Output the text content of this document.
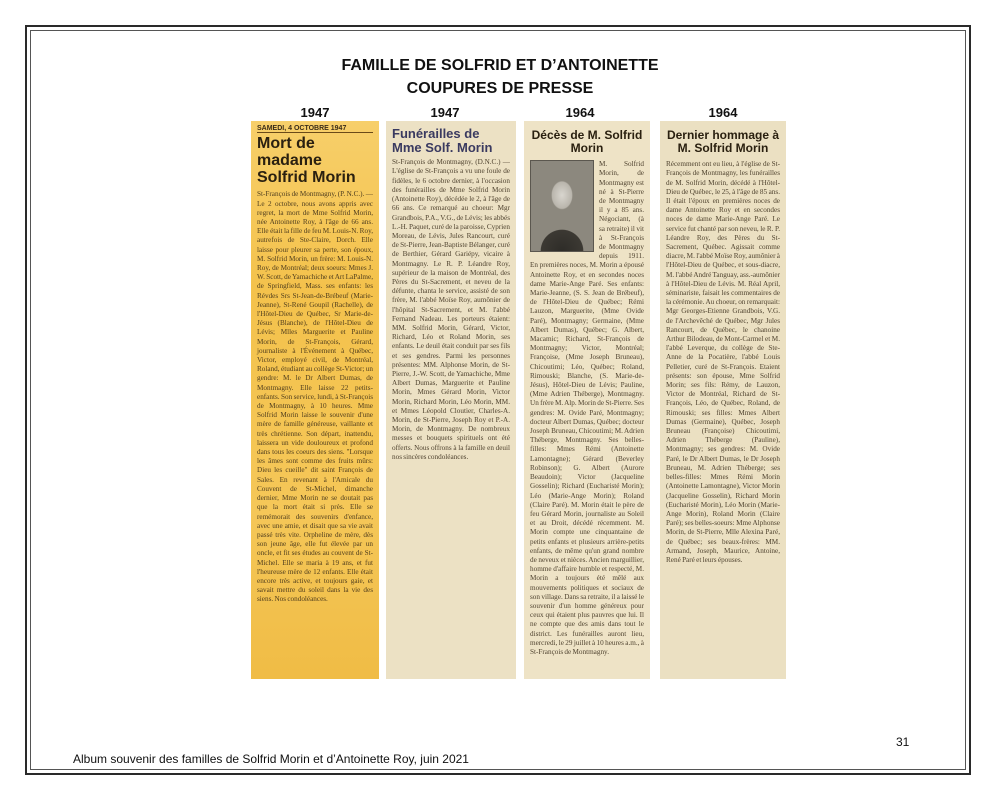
FAMILLE DE SOLFRID ET D’ANTOINETTE
COUPURES DE PRESSE
1947	1947	1964	1964
SAMEDI, 4 OCTOBRE 1947
Mort de madame Solfrid Morin
St-François de Montmagny, (P. N.C.). — Le 2 octobre, nous avons appris avec regret, la mort de Mme Solfrid Morin, née Antoinette Roy, à l'âge de 66 ans. Elle était la fille de feu M. Louis-N. Roy, autrefois de Ste-Claire, Dorch. Elle laisse pour pleurer sa perte, son époux, M. Solfrid Morin, un frère: M. Louis-N. Roy, de Montréal; deux soeurs: Mmes J. W. Scott, de Yamachiche et Art LaPalme, de Springfield, Mass. ses enfants: les Révdes Srs St-Jean-de-Brébeuf (Marie-Jeanne), St-René Goupil (Rachelle), de l'Hôtel-Dieu de Québec, Sr Marie-de-Jésus (Blanche), de l'Hôtel-Dieu de Lévis; Mlles Marguerite et Pauline Morin, de St-François, Gérard, journaliste à l'Événement à Québec, Victor, employé civil, de Montréal, Roland, étudiant au collège St-Victor; un gendre: M. le Dr Albert Dumas, de Montmagny. Elle laisse 22 petits-enfants. Son service, lundi, à St-François de Montmagny, à 10 heures. Mme Solfrid Morin laisse le souvenir d'une mère de famille généreuse, vaillante et très chrétienne. Son départ, inattendu, laissera un vide douloureux et profond dans tous les coeurs des siens. "Lorsque les âmes sont comme des fruits mûrs: Dieu les cueille" dit saint François de Sales. En revenant à l'Amicale du Couvent de St-Michel, dimanche dernier, Mme Morin ne se doutait pas que la mort était si près. Elle se remémorait des souvenirs d'enfance, avec une amie, et disait que sa vie avait passé très vite. Orpheline de mère, dès son jeune âge, elle fut élevée par un oncle, et fit ses études au couvent de St-Michel. Elle se maria à 19 ans, et fut l'heureuse mère de 12 enfants. Elle était encore très active, et toujours gaie, et savait mettre du soleil dans la vie des siens. Nos condoléances.
Funérailles de Mme Solf. Morin
St-François de Montmagny, (D.N.C.) — L'église de St-François a vu une foule de fidèles, le 6 octobre dernier, à l'occasion des funérailles de Mme Solfrid Morin (Antoinette Roy), décédée le 2, à l'âge de 66 ans. Ce remarqué au choeur: Mgr Grandbois, P.A., V.G., de Lévis; les abbés L.-H. Paquet, curé de la paroisse, Cyprien Moreau, de Lévis, Jules Rancourt, curé de St-Pierre, Jean-Baptiste Bélanger, curé de Berthier, Gérard Gariépy, vicaire à Montmagny. Le R. P. Léandre Roy, supérieur de la maison de Montréal, des Pères du St-Sacrement, et neveu de la défunte, chanta le service, assisté de son frère, M. l'abbé Moïse Roy, aumônier de l'hôpital St-Sacrement, et M. l'abbé Fernand Nadeau. Les porteurs étaient: MM. Solfrid Morin, Gérard, Victor, Richard, Léo et Roland Morin, ses enfants. Le deuil était conduit par ses fils et ses gendres. Parmi les personnes présentes: MM. Alphonse Morin, de St-Pierre, J.-W. Scott, de Yamachiche, Mme Albert Dumas, Marguerite et Pauline Morin, Mmes Gérard Morin, Victor Morin, Richard Morin, Léo Morin, MM. et Mmes Léopold Cloutier, Charles-A. Morin, de St-Pierre, Joseph Roy et P.-A. Morin, de Montmagny. De nombreux messes et bouquets spirituels ont été offerts. Nous offrons à la famille en deuil nos sincères condoléances.
Décès de M. Solfrid Morin
M. Solfrid Morin, de Montmagny est né à St-Pierre de Montmagny il y a 85 ans. Négociant, (à sa retraite) il vit à St-François de Montmagny depuis 1911. En premières noces, M. Morin a épousé Antoinette Roy, et en secondes noces dame Marie-Ange Paré. Ses enfants: Marie-Jeanne, (S. S. Jean de Brébeuf), de l'Hôtel-Dieu de Québec; Rémi Lauzon, Marguerite, (Mme Ovide Paré), Montmagny; Germaine, (Mme Albert Dumas), Québec; G. Albert, Macamic; Richard, St-François de Montmagny; Victor, Montréal; Françoise, (Mme Joseph Bruneau), Chicoutimi; Léo, Québec; Roland, Rimouski; Blanche, (S. Marie-de-Jésus), Hôtel-Dieu de Lévis; Pauline, (Mme Adrien Théberge), Montmagny. Un frère M. Alp. Morin de St-Pierre. Ses gendres: M. Ovide Paré, Montmagny; docteur Albert Dumas, Québec; docteur Joseph Bruneau, Chicoutimi; M. Adrien Théberge, Montmagny. Ses belles-filles: Mmes Rémi (Antoinette Lamontagne); Gérard (Beverley Robinson); G. Albert (Aurore Beaudoin); Victor (Jacqueline Gosselin); Richard (Eucharisté Morin); Léo (Marie-Ange Morin); Roland (Claire Paré). M. Morin était le père de feu Gérard Morin, journaliste au Soleil et au Droit, décédé récemment. M. Morin compte une cinquantaine de petits enfants et plusieurs arrière-petits enfants, de même qu'un grand nombre de neveux et nièces. Ancien marguillier, homme d'affaire humble et respecté, M. Morin a toujours été mêlé aux mouvements politiques et sociaux de son village. Dans sa retraite, il a laissé le souvenir d'un homme généreux pour ceux qui étaient plus pauvres que lui. Il ne compte que des amis dans tout le district. Les funérailles auront lieu, mercredi, le 29 juillet à 10 heures a.m., à St-François de Montmagny.
Dernier hommage à M. Solfrid Morin
Récemment ont eu lieu, à l'église de St-François de Montmagny, les funérailles de M. Solfrid Morin, décédé à l'Hôtel-Dieu de Québec, le 25, à l'âge de 85 ans. Il était l'époux en premières noces de dame Antoinette Roy et en secondes noces de dame Marie-Ange Paré. Le service fut chanté par son neveu, le R. P. Léandre Roy, des Pères du St-Sacrement, Québec. Agissait comme diacre, M. l'abbé Moïse Roy, aumônier à l'Hôtel-Dieu de Québec, et sous-diacre, M. l'abbé André Tanguay, ass.-aumônier à l'Hôtel-Dieu de Lévis. M. Réal April, séminariste, faisait les commentaires de la cérémonie. Au choeur, on remarquait: Mgr Georges-Etienne Grandbois, V.G. de l'Archevêché de Québec, Mgr Jules Rancourt, de Québec, le chanoine Arthur Bilodeau, de Mont-Carmel et M. l'abbé Leverque, du collège de Ste-Anne de la Pocatière, l'abbé Louis Pelletier, curé de St-François. Etaient présents: son épouse, Mme Solfrid Morin; ses fils: Rémy, de Lauzon, Victor de Montréal, Richard de St-François, Léo, de Québec, Roland, de Rimouski; ses filles: Mmes Albert Dumas (Germaine), Québec, Joseph Bruneau (Françoise) Chicoutimi, Adrien Théberge (Pauline), Montmagny; ses gendres: M. Ovide Paré, le Dr Albert Dumas, le Dr Joseph Bruneau, M. Adrien Théberge; ses belles-filles: Mmes Rémi Morin (Antoinette Lamontagne), Victor Morin (Jacqueline Gosselin), Richard Morin (Eucharisté Morin), Léo Morin (Marie-Ange Morin), Roland Morin (Claire Paré); ses belles-soeurs: Mme Alphonse Morin, de St-Pierre, Mlle Alexina Paré, de Québec; ses beaux-frères: MM. Armand, Joseph, Maurice, Antoine, René Paré et leurs épouses.
31
Album souvenir des familles de Solfrid Morin et d’Antoinette Roy, juin 2021
